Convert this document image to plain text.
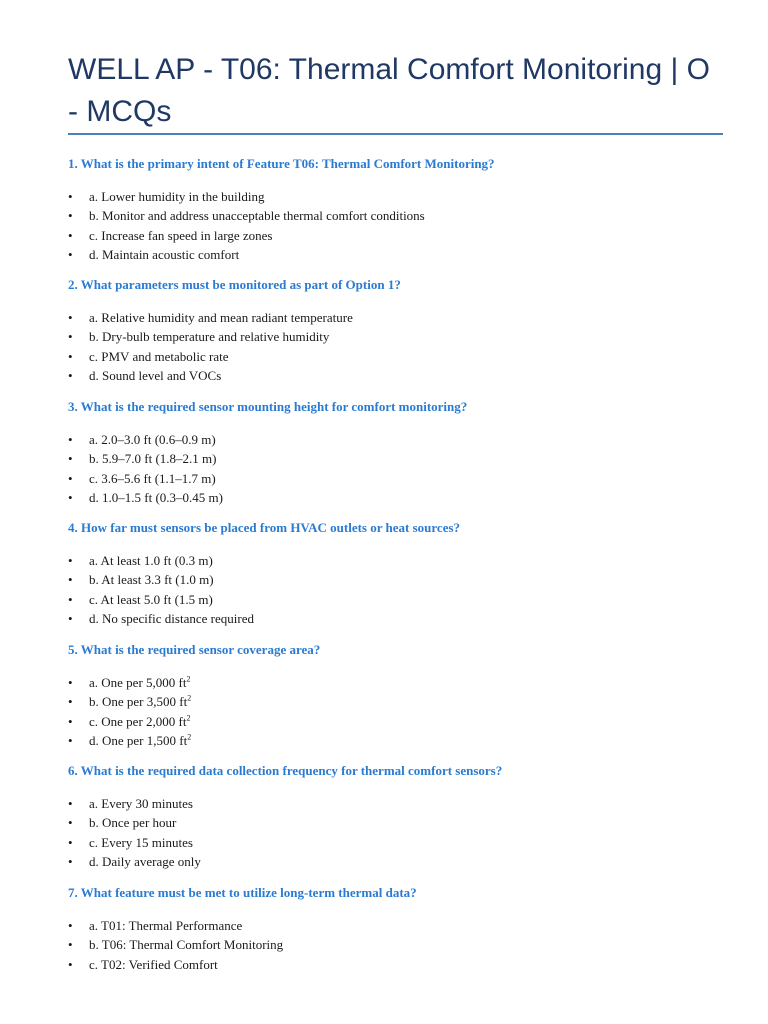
WELL AP - T06: Thermal Comfort Monitoring | O - MCQs

1. What is the primary intent of Feature T06: Thermal Comfort Monitoring?

• a. Lower humidity in the building
• b. Monitor and address unacceptable thermal comfort conditions
• c. Increase fan speed in large zones
• d. Maintain acoustic comfort

2. What parameters must be monitored as part of Option 1?

• a. Relative humidity and mean radiant temperature
• b. Dry-bulb temperature and relative humidity
• c. PMV and metabolic rate
• d. Sound level and VOCs

3. What is the required sensor mounting height for comfort monitoring?

• a. 2.0–3.0 ft (0.6–0.9 m)
• b. 5.9–7.0 ft (1.8–2.1 m)
• c. 3.6–5.6 ft (1.1–1.7 m)
• d. 1.0–1.5 ft (0.3–0.45 m)

4. How far must sensors be placed from HVAC outlets or heat sources?

• a. At least 1.0 ft (0.3 m)
• b. At least 3.3 ft (1.0 m)
• c. At least 5.0 ft (1.5 m)
• d. No specific distance required

5. What is the required sensor coverage area?

• a. One per 5,000 $ft^2$
• b. One per 3,500 $ft^2$
• c. One per 2,000 $ft^2$
• d. One per 1,500 $ft^2$

6. What is the required data collection frequency for thermal comfort sensors?

• a. Every 30 minutes
• b. Once per hour
• c. Every 15 minutes
• d. Daily average only

7. What feature must be met to utilize long-term thermal data?

• a. T01: Thermal Performance
• b. T06: Thermal Comfort Monitoring
• c. T02: Verified Comfort
